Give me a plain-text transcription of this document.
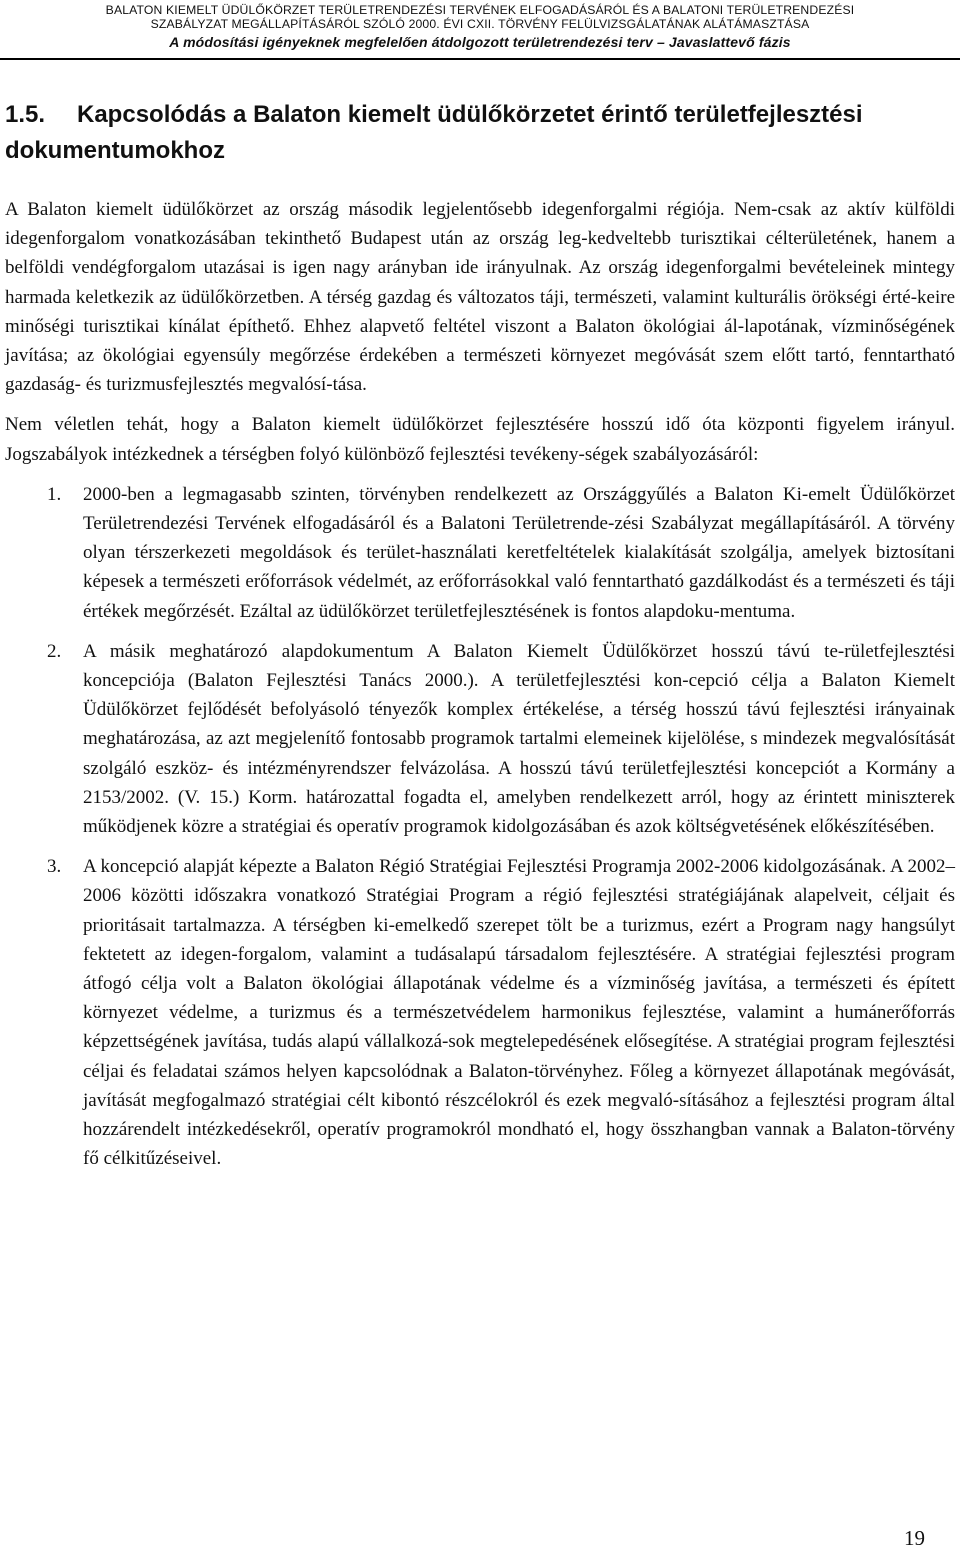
BALATON KIEMELT ÜDÜLŐKÖRZET TERÜLETRENDEZÉSI TERVÉNEK ELFOGADÁSÁRÓL ÉS A BALATONI TERÜLETRENDEZÉSI
SZABÁLYZAT MEGÁLLAPÍTÁSÁRÓL SZÓLÓ 2000. ÉVI CXII. TÖRVÉNY FELÜLVIZSGÁLATÁNAK ALÁTÁMASZTÁSA
A módosítási igényeknek megfelelően átdolgozott területrendezési terv – Javaslattevő fázis
1.5. Kapcsolódás a Balaton kiemelt üdülőkörzetet érintő területfejlesztési dokumentumokhoz

A Balaton kiemelt üdülőkörzet az ország második legjelentősebb idegenforgalmi régiója. Nem-csak az aktív külföldi idegenforgalom vonatkozásában tekinthető Budapest után az ország leg-kedveltebb turisztikai célterületének, hanem a belföldi vendégforgalom utazásai is igen nagy arányban ide irányulnak. Az ország idegenforgalmi bevételeinek mintegy harmada keletkezik az üdülőkörzetben. A térség gazdag és változatos táji, természeti, valamint kulturális örökségi érté-keire minőségi turisztikai kínálat építhető. Ehhez alapvető feltétel viszont a Balaton ökológiai ál-lapotának, vízminőségének javítása; az ökológiai egyensúly megőrzése érdekében a természeti környezet megóvását szem előtt tartó, fenntartható gazdaság- és turizmusfejlesztés megvalósí-tása.

Nem véletlen tehát, hogy a Balaton kiemelt üdülőkörzet fejlesztésére hosszú idő óta központi figyelem irányul. Jogszabályok intézkednek a térségben folyó különböző fejlesztési tevékeny-ségek szabályozásáról:

1. 2000-ben a legmagasabb szinten, törvényben rendelkezett az Országgyűlés a Balaton Ki-emelt Üdülőkörzet Területrendezési Tervének elfogadásáról és a Balatoni Területrende-zési Szabályzat megállapításáról. A törvény olyan térszerkezeti megoldások és terület-használati keretfeltételek kialakítását szolgálja, amelyek biztosítani képesek a természeti erőforrások védelmét, az erőforrásokkal való fenntartható gazdálkodást és a természeti és táji értékek megőrzését. Ezáltal az üdülőkörzet területfejlesztésének is fontos alapdoku-mentuma.
2. A másik meghatározó alapdokumentum A Balaton Kiemelt Üdülőkörzet hosszú távú te-rületfejlesztési koncepciója (Balaton Fejlesztési Tanács 2000.). A területfejlesztési kon-cepció célja a Balaton Kiemelt Üdülőkörzet fejlődését befolyásoló tényezők komplex értékelése, a térség hosszú távú fejlesztési irányainak meghatározása, az azt megjelenítő fontosabb programok tartalmi elemeinek kijelölése, s mindezek megvalósítását szolgáló eszköz- és intézményrendszer felvázolása. A hosszú távú területfejlesztési koncepciót a Kormány a 2153/2002. (V. 15.) Korm. határozattal fogadta el, amelyben rendelkezett arról, hogy az érintett miniszterek működjenek közre a stratégiai és operatív programok kidolgozásában és azok költségvetésének előkészítésében.
3. A koncepció alapját képezte a Balaton Régió Stratégiai Fejlesztési Programja 2002-2006 kidolgozásának. A 2002–2006 közötti időszakra vonatkozó Stratégiai Program a régió fejlesztési stratégiájának alapelveit, céljait és prioritásait tartalmazza. A térségben ki-emelkedő szerepet tölt be a turizmus, ezért a Program nagy hangsúlyt fektetett az idegen-forgalom, valamint a tudásalapú társadalom fejlesztésére. A stratégiai fejlesztési program átfogó célja volt a Balaton ökológiai állapotának védelme és a vízminőség javítása, a természeti és épített környezet védelme, a turizmus és a természetvédelem harmonikus fejlesztése, valamint a humánerőforrás képzettségének javítása, tudás alapú vállalkozá-sok megtelepedésének elősegítése. A stratégiai program fejlesztési céljai és feladatai számos helyen kapcsolódnak a Balaton-törvényhez. Főleg a környezet állapotának megóvását, javítását megfogalmazó stratégiai célt kibontó részcélokról és ezek megvaló-sításához a fejlesztési program által hozzárendelt intézkedésekről, operatív programokról mondható el, hogy összhangban vannak a Balaton-törvény fő célkitűzéseivel.
19
